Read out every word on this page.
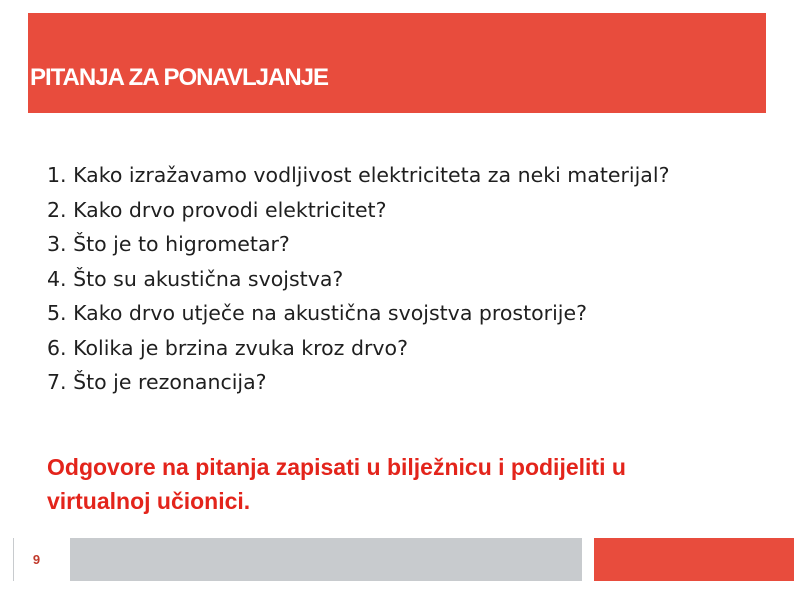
PITANJA ZA PONAVLJANJE
1. Kako izražavamo vodljivost elektriciteta za neki materijal?
2. Kako drvo provodi elektricitet?
3. Što je to higrometar?
4. Što su akustična svojstva?
5. Kako drvo utječe na akustična svojstva prostorije?
6. Kolika je brzina zvuka kroz drvo?
7. Što je rezonancija?
Odgovore na pitanja zapisati u bilježnicu i podijeliti u virtualnoj učionici.
9
